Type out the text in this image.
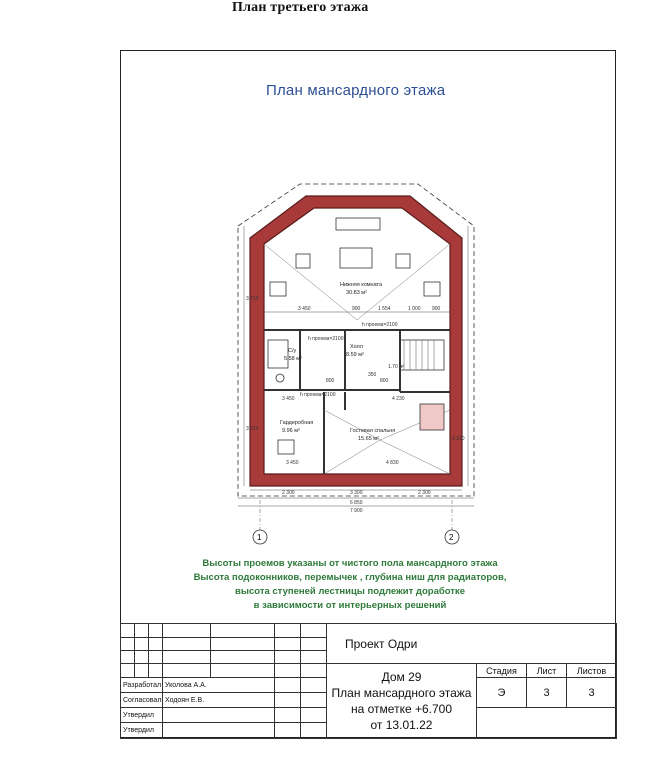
План третьего этажа
План мансардного этажа
Нижняя комната
30.83 м²
С/у
5.58 м²
Холл
8.59 м²
Гардеробная
9.96 м²	Гостевая спальня
15.65 м²
3 450	900	1 554	1 000 900
3 710
3 210
3 210
350
800	800
3 450	4 230
3 450	4 830
2 300	3 300	2 300
6 850
7 900
h проема=2100
h проема=2100
h проема=2100
1.70 м²
1	2
Высоты проемов указаны от чистого пола мансардного этажа
Высота подоконников, перемычек , глубина ниш для радиаторов,
высота ступеней лестницы подлежит доработке
в зависимости от интерьерных решений
							Проект Одри			

							Дом 29
План мансардного этажа
на отметке +6.700
от 13.01.22	Стадия	Лист	Листов
Разработал			Уколова А.А.					Э	3	3
Согласовал			Ходоян Е.В.							
Утвердил										
Утвердил										
